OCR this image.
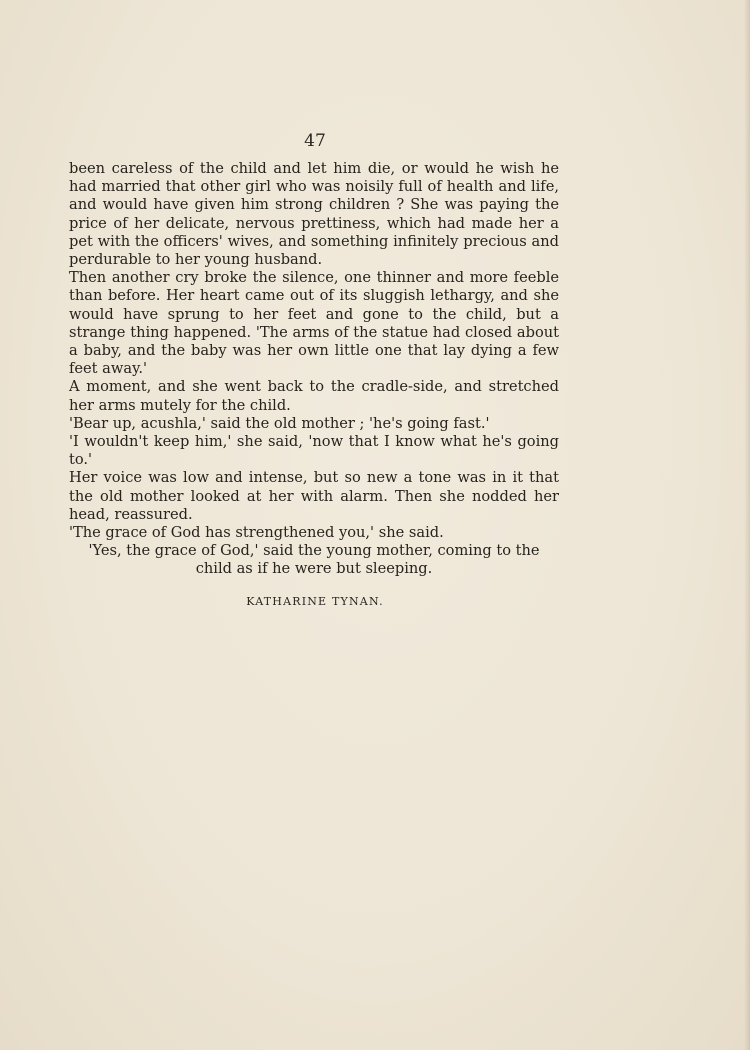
47

been careless of the child and let him die, or would he wish he had married that other girl who was noisily full of health and life, and would have given him strong children ? She was paying the price of her delicate, nervous prettiness, which had made her a pet with the officers' wives, and something infinitely precious and perdurable to her young husband.

Then another cry broke the silence, one thinner and more feeble than before. Her heart came out of its sluggish lethargy, and she would have sprung to her feet and gone to the child, but a strange thing happened. 'The arms of the statue had closed about a baby, and the baby was her own little one that lay dying a few feet away.'

A moment, and she went back to the cradle-side, and stretched her arms mutely for the child.

'Bear up, acushla,' said the old mother ; 'he's going fast.'

'I wouldn't keep him,' she said, 'now that I know what he's going to.'

Her voice was low and intense, but so new a tone was in it that the old mother looked at her with alarm. Then she nodded her head, reassured.

'The grace of God has strengthened you,' she said.

'Yes, the grace of God,' said the young mother, coming to the child as if he were but sleeping.

KATHARINE TYNAN.
